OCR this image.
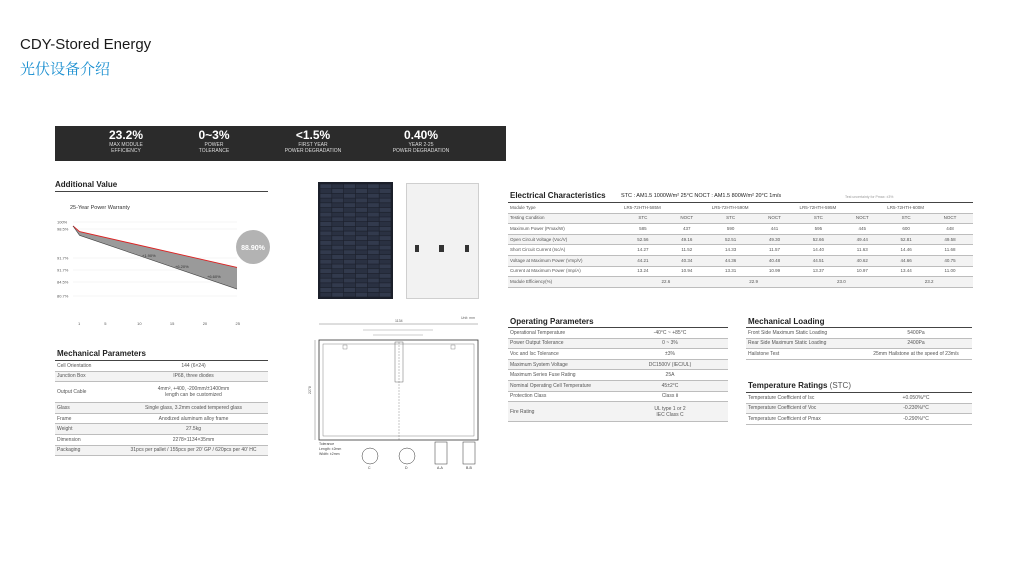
CDY-Stored Energy
光伏设备介绍
23.2%
MAX MODULE
EFFICIENCY
0~3%
POWER
TOLERANCE
<1.5%
FIRST YEAR
POWER DEGRADATION
0.40%
YEAR 2-25
POWER DEGRADATION
Additional Value
25-Year Power Warranty
100%
98.5%
91.7%
91.7%
84.5%
80.7%
1	5	10	15	20	25
+1.90%
+6.20%
+6.60%
88.90%
Mechanical Parameters
Cell Orientation	144 (6×24)
Junction Box	IP68, three diodes
Output Cable	4mm², +400, -200mm/±1400mm
length can be customized

Glass	Single glass, 3.2mm coated tempered glass
Frame	Anodized aluminum alloy frame
Weight	27.5kg
Dimension	2278×1134×35mm
Packaging	31pcs per pallet / 155pcs per 20' GP / 620pcs per 40' HC
Unit: mm
2278
1134
Tolerance
Length: ±2mm
Width: ±2mm
C	D	A-A	B-B
Electrical Characteristics	STC : AM1.5 1000W/m² 25°C NOCT : AM1.5 800W/m² 20°C 1m/s	Test uncertainty for Pmax: ±3%
Module Type	LR5-72HTH-585M		LR5-72HTH-590M		LR5-72HTH-595M		LR5-72HTH-600M	
Testing Condition	STC	NOCT	STC	NOCT	STC	NOCT	STC	NOCT
Maximum Power (Pmax/W)	585	437	590	441	595	445	600	448
Open Circuit Voltage (Voc/V)	52.56	49.16	52.51	49.30	52.66	49.44	52.81	49.58
Short Circuit Current (Isc/A)	14.27	11.52	14.33	11.57	14.40	11.63	14.46	11.68
Voltage at Maximum Power (Vmp/V)	44.21	40.34	44.36	40.48	44.51	40.62	44.66	40.75
Current at Maximum Power (Imp/A)	13.24	10.94	13.31	10.99	13.37	10.97	13.44	11.00
Module Efficiency(%)	22.6		22.9		23.0		23.2	
Operating Parameters
Operational Temperature	-40°C ~ +85°C
Power Output Tolerance	0 ~ 3%
Voc and Isc Tolerance	±3%
Maximum System Voltage	DC1500V (IEC/UL)
Maximum Series Fuse Rating	25A
Nominal Operating Cell Temperature	45±2°C
Protection Class	Class Ⅱ
Fire Rating	UL type 1 or 2
IEC Class C
Mechanical Loading
Front Side Maximum Static Loading	5400Pa
Rear Side Maximum Static Loading	2400Pa
Hailstone Test	25mm Hailstone at the speed of 23m/s
Temperature Ratings (STC)
Temperature Coefficient of Isc	+0.050%/°C
Temperature Coefficient of Voc	-0.230%/°C
Temperature Coefficient of Pmax	-0.290%/°C
